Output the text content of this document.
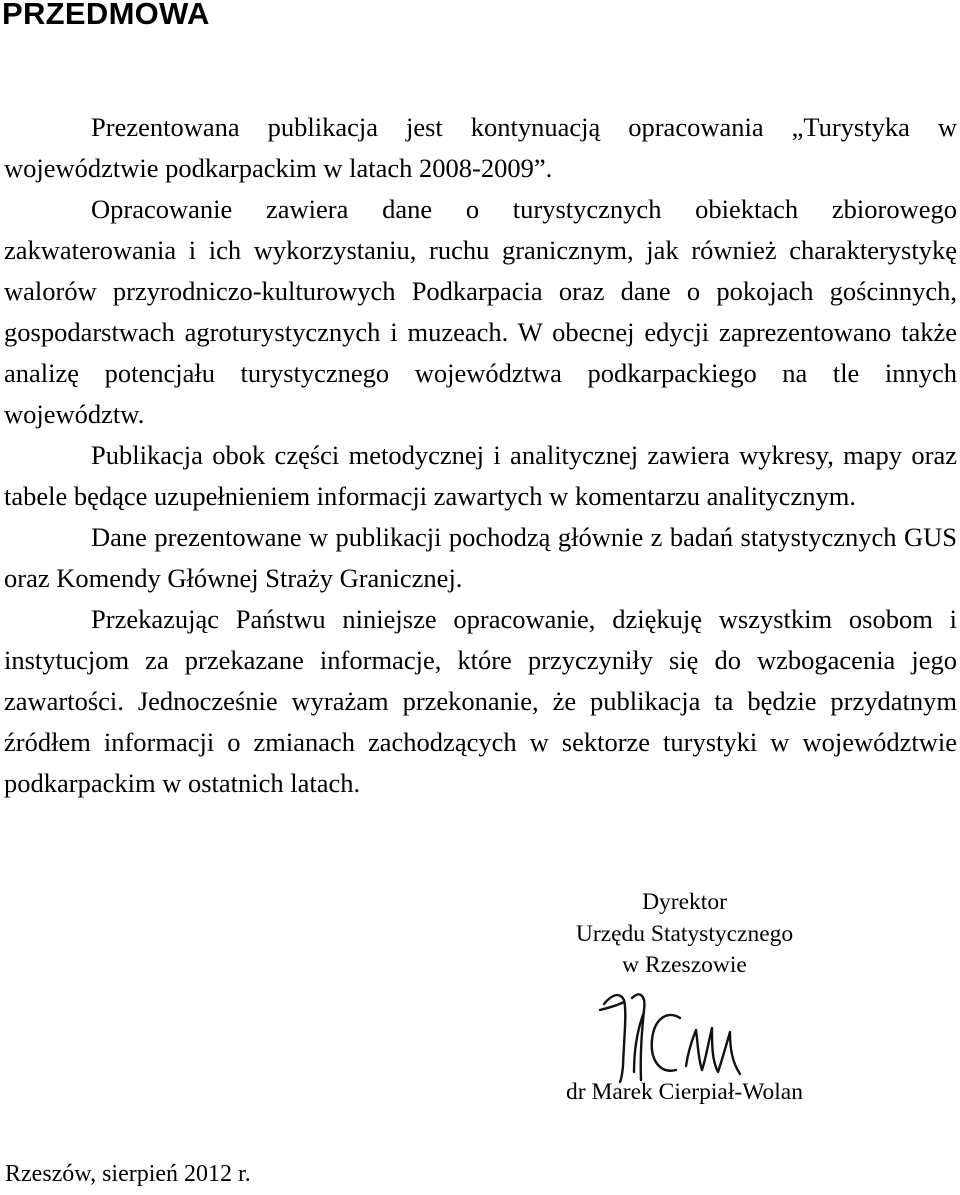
PRZEDMOWA

Prezentowana publikacja jest kontynuacją opracowania „Turystyka w województwie podkarpackim w latach 2008-2009”.

Opracowanie zawiera dane o turystycznych obiektach zbiorowego zakwaterowania i ich wykorzystaniu, ruchu granicznym, jak również charakterystykę walorów przyrodniczo-kulturowych Podkarpacia oraz dane o pokojach gościnnych, gospodarstwach agroturystycznych i muzeach. W obecnej edycji zaprezentowano także analizę potencjału turystycznego województwa podkarpackiego na tle innych województw.

Publikacja obok części metodycznej i analitycznej zawiera wykresy, mapy oraz tabele będące uzupełnieniem informacji zawartych w komentarzu analitycznym.

Dane prezentowane w publikacji pochodzą głównie z badań statystycznych GUS oraz Komendy Głównej Straży Granicznej.

Przekazując Państwu niniejsze opracowanie, dziękuję wszystkim osobom i instytucjom za przekazane informacje, które przyczyniły się do wzbogacenia jego zawartości. Jednocześnie wyrażam przekonanie, że publikacja ta będzie przydatnym źródłem informacji o zmianach zachodzących w sektorze turystyki w województwie podkarpackim w ostatnich latach.

Dyrektor
Urzędu Statystycznego
w Rzeszowie
dr Marek Cierpiał-Wolan
Rzeszów, sierpień 2012 r.
